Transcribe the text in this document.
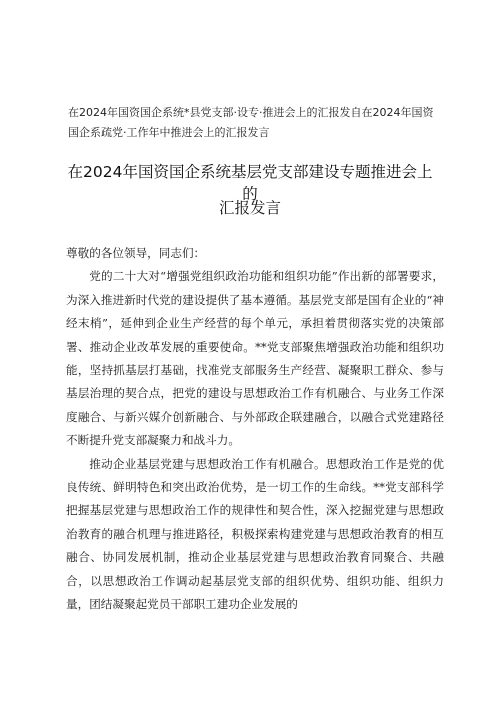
在2024年国资国企系统*县党支部·设专·推进会上的汇报发自在2024年国资国企系疏党·工作年中推进会上的汇报发言
在2024年国资国企系统基层党支部建设专题推进会上的
汇报发言

尊敬的各位领导，同志们：

党的二十大对“增强党组织政治功能和组织功能”作出新的部署要求，为深入推进新时代党的建设提供了基本遵循。基层党支部是国有企业的“神经末梢”，延伸到企业生产经营的每个单元，承担着贯彻落实党的决策部署、推动企业改革发展的重要使命。**党支部聚焦增强政治功能和组织功能，坚持抓基层打基础，找准党支部服务生产经营、凝聚职工群众、参与基层治理的契合点，把党的建设与思想政治工作有机融合、与业务工作深度融合、与新兴媒介创新融合、与外部政企联建融合，以融合式党建路径不断提升党支部凝聚力和战斗力。

推动企业基层党建与思想政治工作有机融合。思想政治工作是党的优良传统、鲜明特色和突出政治优势，是一切工作的生命线。**党支部科学把握基层党建与思想政治工作的规律性和契合性，深入挖掘党建与思想政治教育的融合机理与推进路径，积极探索构建党建与思想政治教育的相互融合、协同发展机制，推动企业基层党建与思想政治教育同聚合、共融合，以思想政治工作调动起基层党支部的组织优势、组织功能、组织力量，团结凝聚起党员干部职工建功企业发展的
